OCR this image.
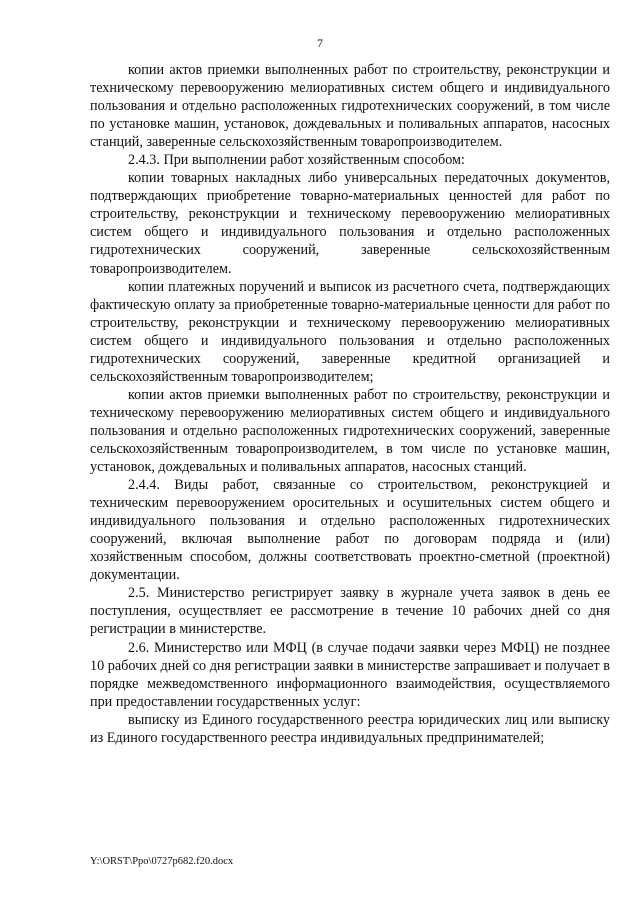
7

копии актов приемки выполненных работ по строительству, реконструкции и техническому перевооружению мелиоративных систем общего и индивидуального пользования и отдельно расположенных гидротехнических сооружений, в том числе по установке машин, установок, дождевальных и поливальных аппаратов, насосных станций, заверенные сельскохозяйственным товаропроизводителем.

2.4.3. При выполнении работ хозяйственным способом:

копии товарных накладных либо универсальных передаточных документов, подтверждающих приобретение товарно-материальных ценностей для работ по строительству, реконструкции и техническому перевооружению мелиоративных систем общего и индивидуального пользования и отдельно расположенных гидротехнических сооружений, заверенные сельскохозяйственным товаропроизводителем.

копии платежных поручений и выписок из расчетного счета, подтверждающих фактическую оплату за приобретенные товарно-материальные ценности для работ по строительству, реконструкции и техническому перевооружению мелиоративных систем общего и индивидуального пользования и отдельно расположенных гидротехнических сооружений, заверенные кредитной организацией и сельскохозяйственным товаропроизводителем;

копии актов приемки выполненных работ по строительству, реконструкции и техническому перевооружению мелиоративных систем общего и индивидуального пользования и отдельно расположенных гидротехнических сооружений, заверенные сельскохозяйственным товаропроизводителем, в том числе по установке машин, установок, дождевальных и поливальных аппаратов, насосных станций.

2.4.4. Виды работ, связанные со строительством, реконструкцией и техническим перевооружением оросительных и осушительных систем общего и индивидуального пользования и отдельно расположенных гидротехнических сооружений, включая выполнение работ по договорам подряда и (или) хозяйственным способом, должны соответствовать проектно-сметной (проектной) документации.

2.5. Министерство регистрирует заявку в журнале учета заявок в день ее поступления, осуществляет ее рассмотрение в течение 10 рабочих дней со дня регистрации в министерстве.

2.6. Министерство или МФЦ (в случае подачи заявки через МФЦ) не позднее 10 рабочих дней со дня регистрации заявки в министерстве запрашивает и получает в порядке межведомственного информационного взаимодействия, осуществляемого при предоставлении государственных услуг:

выписку из Единого государственного реестра юридических лиц или выписку из Единого государственного реестра индивидуальных предпринимателей;

Y:\ORST\Ppo\0727p682.f20.docx
